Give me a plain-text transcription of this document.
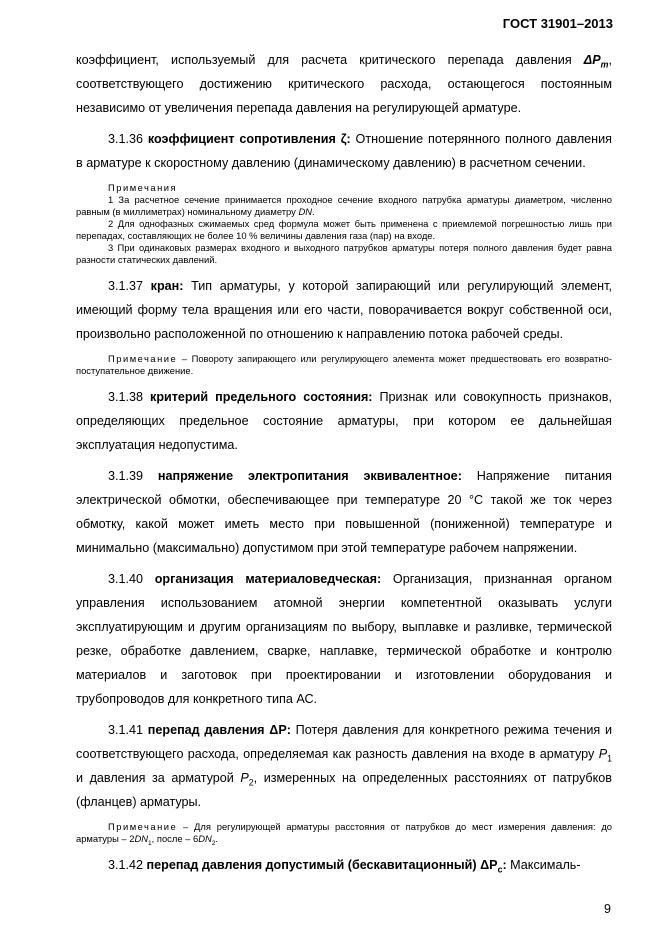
ГОСТ 31901–2013

коэффициент, используемый для расчета критического перепада давления $\Delta P_m$, соответствующего достижению критического расхода, остающегося постоянным независимо от увеличения перепада давления на регулирующей арматуре.

3.1.36 коэффициент сопротивления ζ: Отношение потерянного полного давления в арматуре к скоростному давлению (динамическому давлению) в расчетном сечении.

Примечания

1 За расчетное сечение принимается проходное сечение входного патрубка арматуры диаметром, численно равным (в миллиметрах) номинальному диаметру DN.

2 Для однофазных сжимаемых сред формула может быть применена с приемлемой погрешностью лишь при перепадах, составляющих не более 10 % величины давления газа (пар) на входе.

3 При одинаковых размерах входного и выходного патрубков арматуры потеря полного давления будет равна разности статических давлений.

3.1.37 кран: Тип арматуры, у которой запирающий или регулирующий элемент, имеющий форму тела вращения или его части, поворачивается вокруг собственной оси, произвольно расположенной по отношению к направлению потока рабочей среды.

Примечание – Повороту запирающего или регулирующего элемента может предшествовать его возвратно-поступательное движение.

3.1.38 критерий предельного состояния: Признак или совокупность признаков, определяющих предельное состояние арматуры, при котором ее дальнейшая эксплуатация недопустима.

3.1.39 напряжение электропитания эквивалентное: Напряжение питания электрической обмотки, обеспечивающее при температуре 20 °С такой же ток через обмотку, какой может иметь место при повышенной (пониженной) температуре и минимально (максимально) допустимом при этой температуре рабочем напряжении.

3.1.40 организация материаловедческая: Организация, признанная органом управления использованием атомной энергии компетентной оказывать услуги эксплуатирующим и другим организациям по выбору, выплавке и разливке, термической резке, обработке давлением, сварке, наплавке, термической обработке и контролю материалов и заготовок при проектировании и изготовлении оборудования и трубопроводов для конкретного типа АС.

3.1.41 перепад давления ΔP: Потеря давления для конкретного режима течения и соответствующего расхода, определяемая как разность давления на входе в арматуру $P_1$ и давления за арматурой $P_2$, измеренных на определенных расстояниях от патрубков (фланцев) арматуры.

Примечание – Для регулирующей арматуры расстояния от патрубков до мест измерения давления: до арматуры – $2DN_1$, после – $6DN_2$.

3.1.42 перепад давления допустимый (бескавитационный) $\Delta P_c$: Максималь-

9
